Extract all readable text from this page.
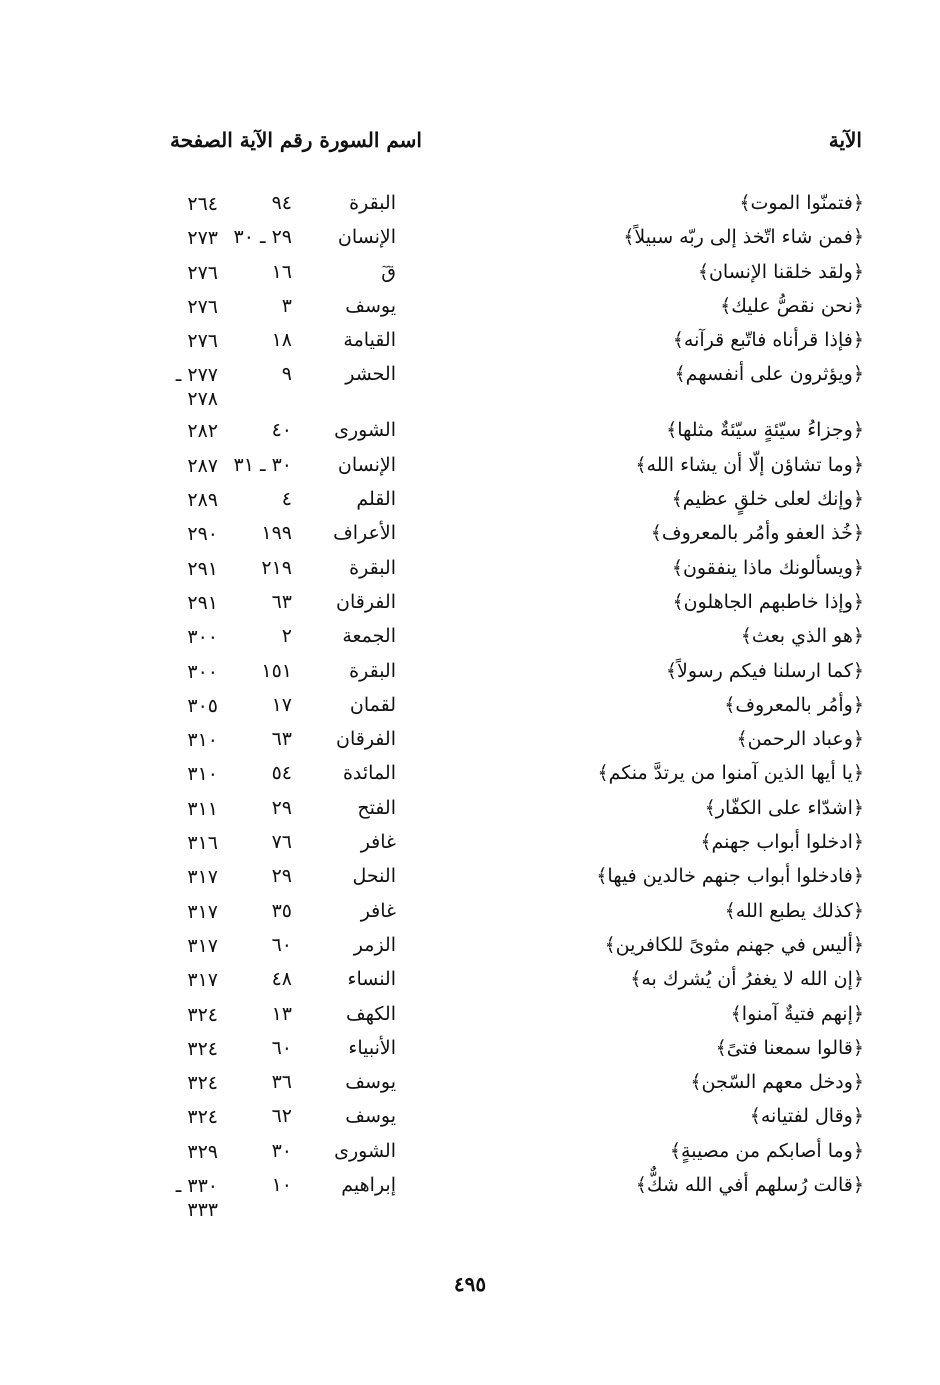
الآية
اسم السورة رقم الآية الصفحة
﴿فتمنّوا الموت﴾
البقرة
٩٤
٢٦٤
﴿فمن شاء اتّخذ إلى ربّه سبيلاً﴾
الإنسان
٢٩ ـ ٣٠
٢٧٣
﴿ولقد خلقنا الإنسان﴾
قٓ
١٦
٢٧٦
﴿نحن نقصُّ عليك﴾
يوسف
٣
٢٧٦
﴿فإذا قرأناه فاتّبع قرآنه﴾
القيامة
١٨
٢٧٦
﴿ويؤثرون على أنفسهم﴾
الحشر
٩
٢٧٧ ـ ٢٧٨
﴿وجزاءُ سيّئةٍ سيّئةٌ مثلها﴾
الشورى
٤٠
٢٨٢
﴿وما تشاؤن إلّا أن يشاء الله﴾
الإنسان
٣٠ ـ ٣١
٢٨٧
﴿وإنك لعلى خلقٍ عظيم﴾
القلم
٤
٢٨٩
﴿خُذ العفو وأمُر بالمعروف﴾
الأعراف
١٩٩
٢٩٠
﴿ويسألونك ماذا ينفقون﴾
البقرة
٢١٩
٢٩١
﴿وإذا خاطبهم الجاهلون﴾
الفرقان
٦٣
٢٩١
﴿هو الذي بعث﴾
الجمعة
٢
٣٠٠
﴿كما ارسلنا فيكم رسولاً﴾
البقرة
١٥١
٣٠٠
﴿وأمُر بالمعروف﴾
لقمان
١٧
٣٠٥
﴿وعباد الرحمن﴾
الفرقان
٦٣
٣١٠
﴿يا أيها الذين آمنوا من يرتدَّ منكم﴾
المائدة
٥٤
٣١٠
﴿اشدّاء على الكفّار﴾
الفتح
٢٩
٣١١
﴿ادخلوا أبواب جهنم﴾
غافر
٧٦
٣١٦
﴿فادخلوا أبواب جنهم خالدين فيها﴾
النحل
٢٩
٣١٧
﴿كذلك يطبع الله﴾
غافر
٣٥
٣١٧
﴿أليس في جهنم مثوىً للكافرين﴾
الزمر
٦٠
٣١٧
﴿إن الله لا يغفرُ أن يُشرك به﴾
النساء
٤٨
٣١٧
﴿إنهم فتيةٌ آمنوا﴾
الكهف
١٣
٣٢٤
﴿قالوا سمعنا فتىً﴾
الأنبياء
٦٠
٣٢٤
﴿ودخل معهم السّجن﴾
يوسف
٣٦
٣٢٤
﴿وقال لفتيانه﴾
يوسف
٦٢
٣٢٤
﴿وما أصابكم من مصيبةٍ﴾
الشورى
٣٠
٣٢٩
﴿قالت رُسلهم أفي الله شكٌّ﴾
إبراهيم
١٠
٣٣٠ ـ ٣٣٣
٤٩٥
